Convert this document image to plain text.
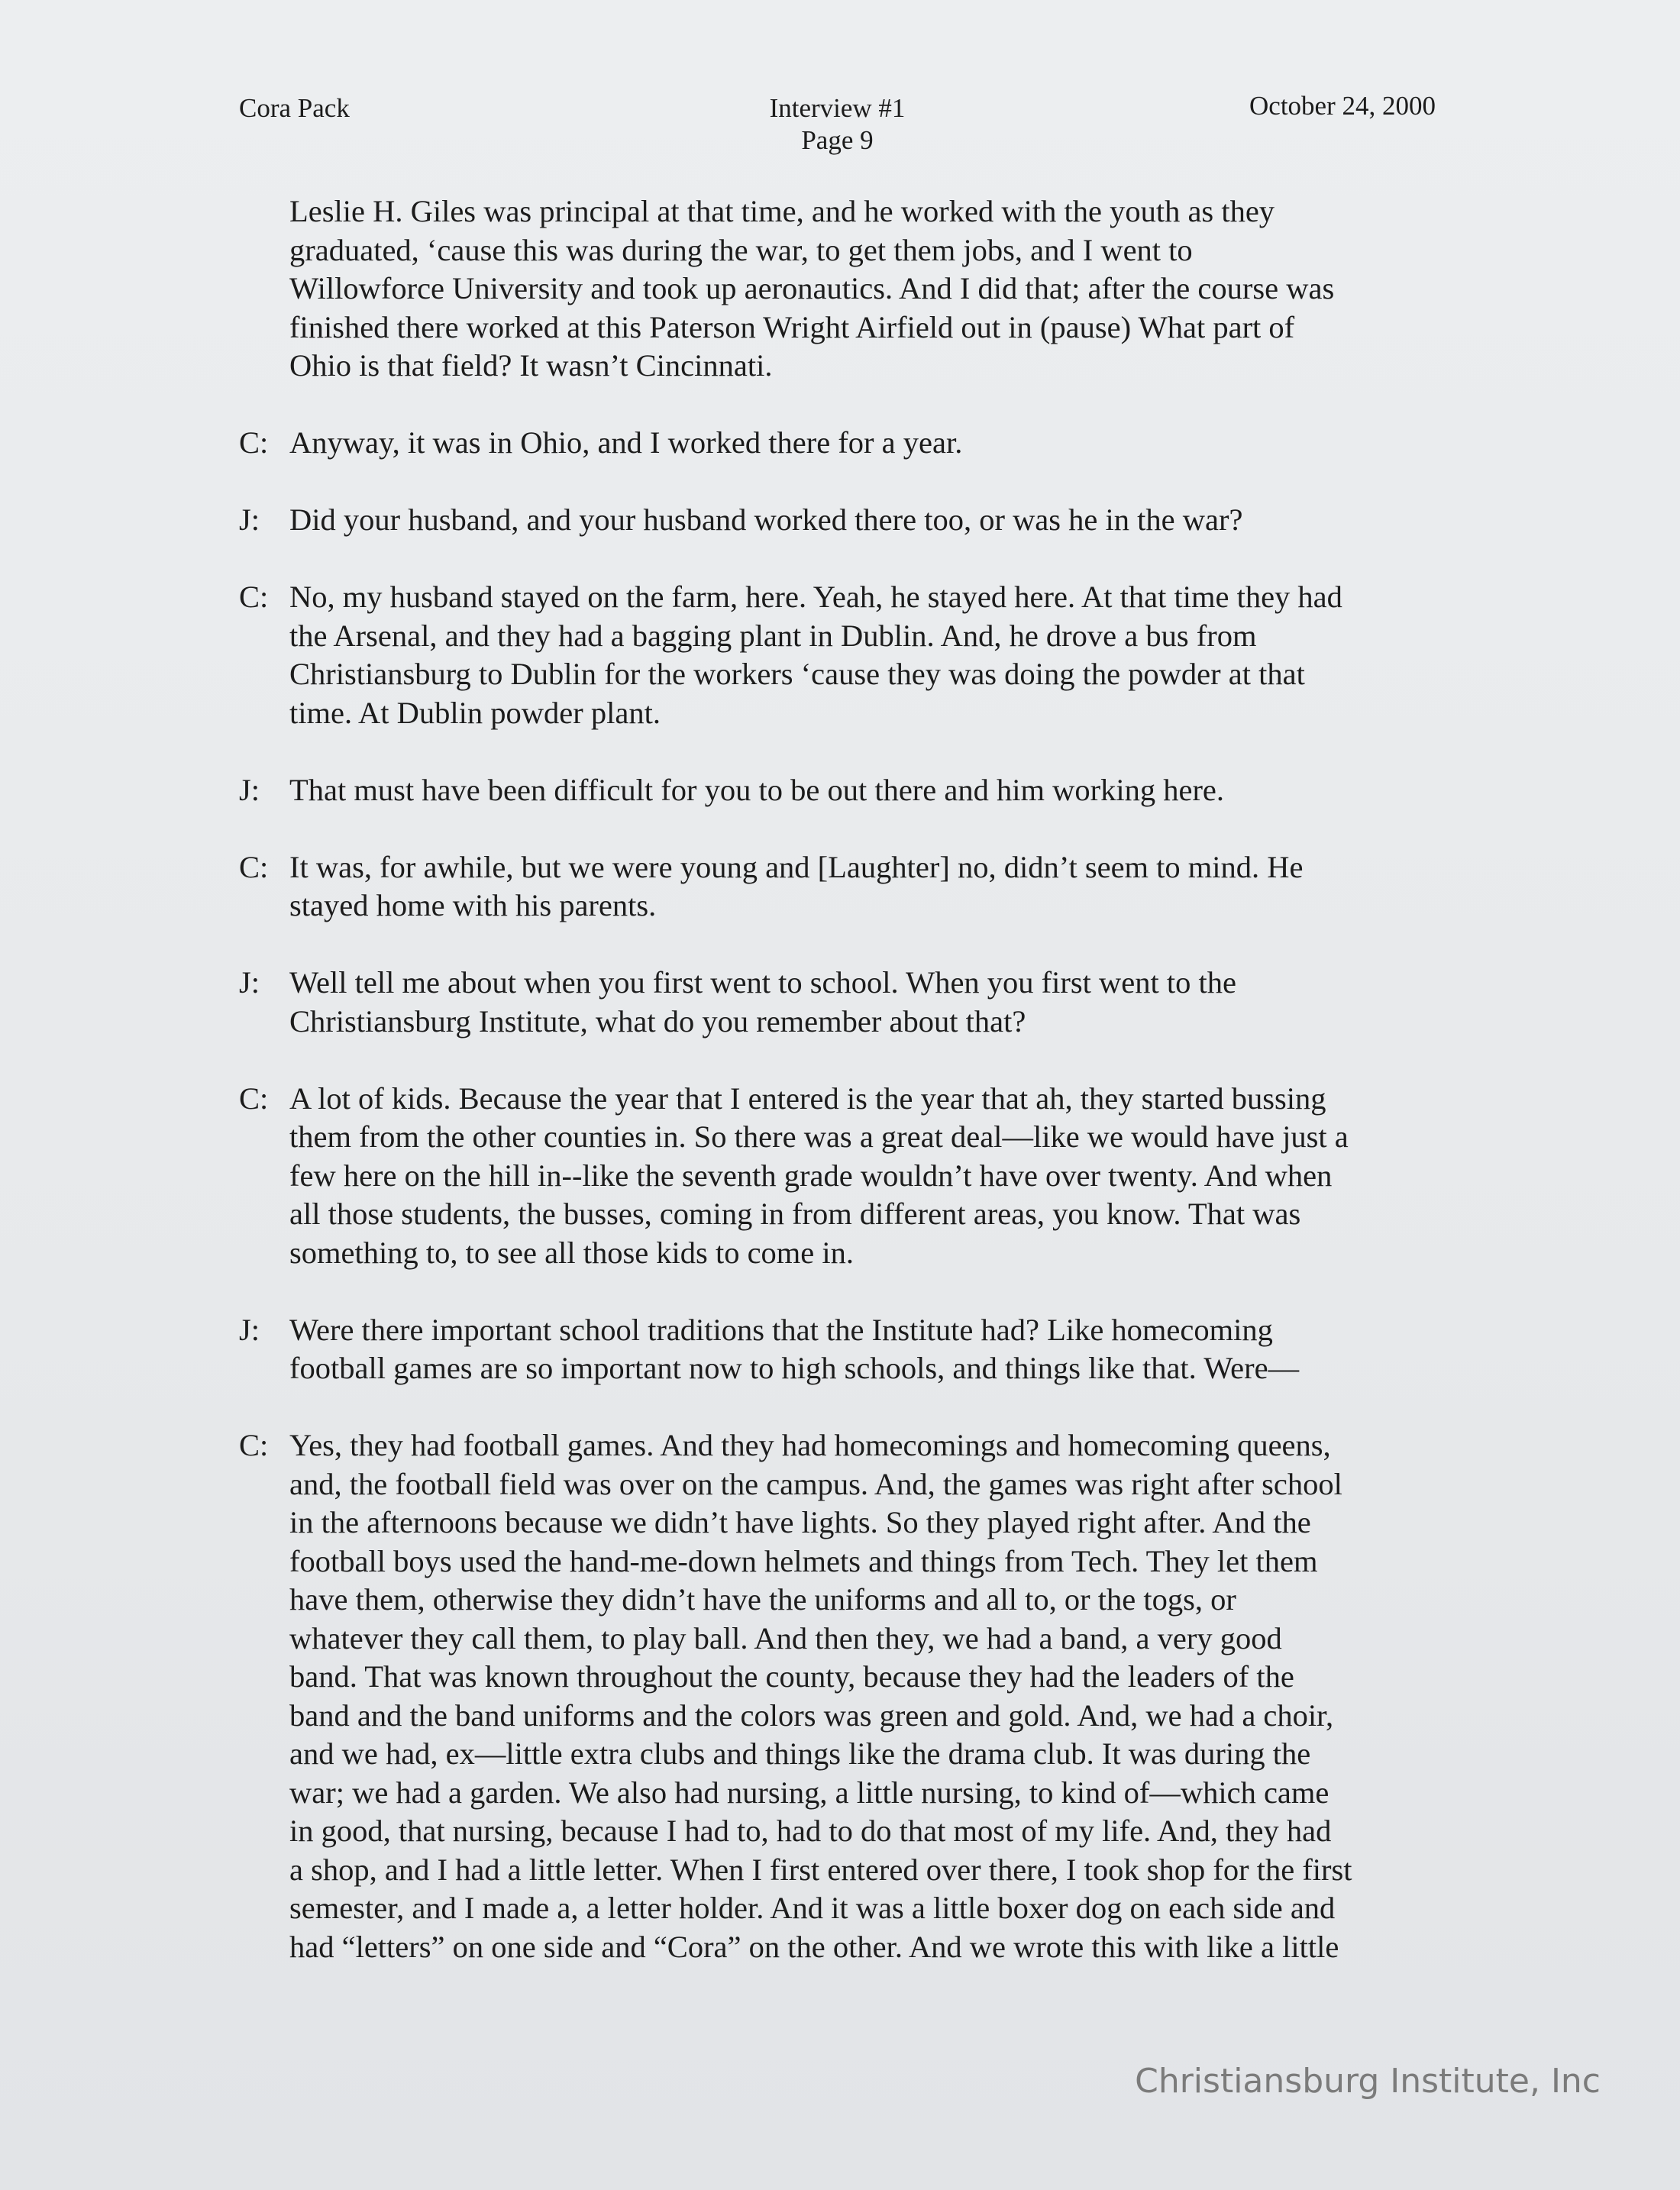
Cora Pack	Interview #1
Page 9
October 24, 2000
Leslie H. Giles was principal at that time, and he worked with the youth as they
graduated, ‘cause this was during the war, to get them jobs, and I went to
Willowforce University and took up aeronautics. And I did that; after the course was
finished there worked at this Paterson Wright Airfield out in (pause) What part of
Ohio is that field? It wasn’t Cincinnati.
C: Anyway, it was in Ohio, and I worked there for a year.
J: Did your husband, and your husband worked there too, or was he in the war?
C: No, my husband stayed on the farm, here. Yeah, he stayed here. At that time they had
the Arsenal, and they had a bagging plant in Dublin. And, he drove a bus from
Christiansburg to Dublin for the workers ‘cause they was doing the powder at that
time. At Dublin powder plant.
J: That must have been difficult for you to be out there and him working here.
C: It was, for awhile, but we were young and [Laughter] no, didn’t seem to mind. He
stayed home with his parents.
J: Well tell me about when you first went to school. When you first went to the
Christiansburg Institute, what do you remember about that?
C: A lot of kids. Because the year that I entered is the year that ah, they started bussing
them from the other counties in. So there was a great deal—like we would have just a
few here on the hill in--like the seventh grade wouldn’t have over twenty. And when
all those students, the busses, coming in from different areas, you know. That was
something to, to see all those kids to come in.
J: Were there important school traditions that the Institute had? Like homecoming
football games are so important now to high schools, and things like that. Were—
C: Yes, they had football games. And they had homecomings and homecoming queens,
and, the football field was over on the campus. And, the games was right after school
in the afternoons because we didn’t have lights. So they played right after. And the
football boys used the hand-me-down helmets and things from Tech. They let them
have them, otherwise they didn’t have the uniforms and all to, or the togs, or
whatever they call them, to play ball. And then they, we had a band, a very good
band. That was known throughout the county, because they had the leaders of the
band and the band uniforms and the colors was green and gold. And, we had a choir,
and we had, ex—little extra clubs and things like the drama club. It was during the
war; we had a garden. We also had nursing, a little nursing, to kind of—which came
in good, that nursing, because I had to, had to do that most of my life. And, they had
a shop, and I had a little letter. When I first entered over there, I took shop for the first
semester, and I made a, a letter holder. And it was a little boxer dog on each side and
had “letters” on one side and “Cora” on the other. And we wrote this with like a little
Christiansburg Institute, Inc
